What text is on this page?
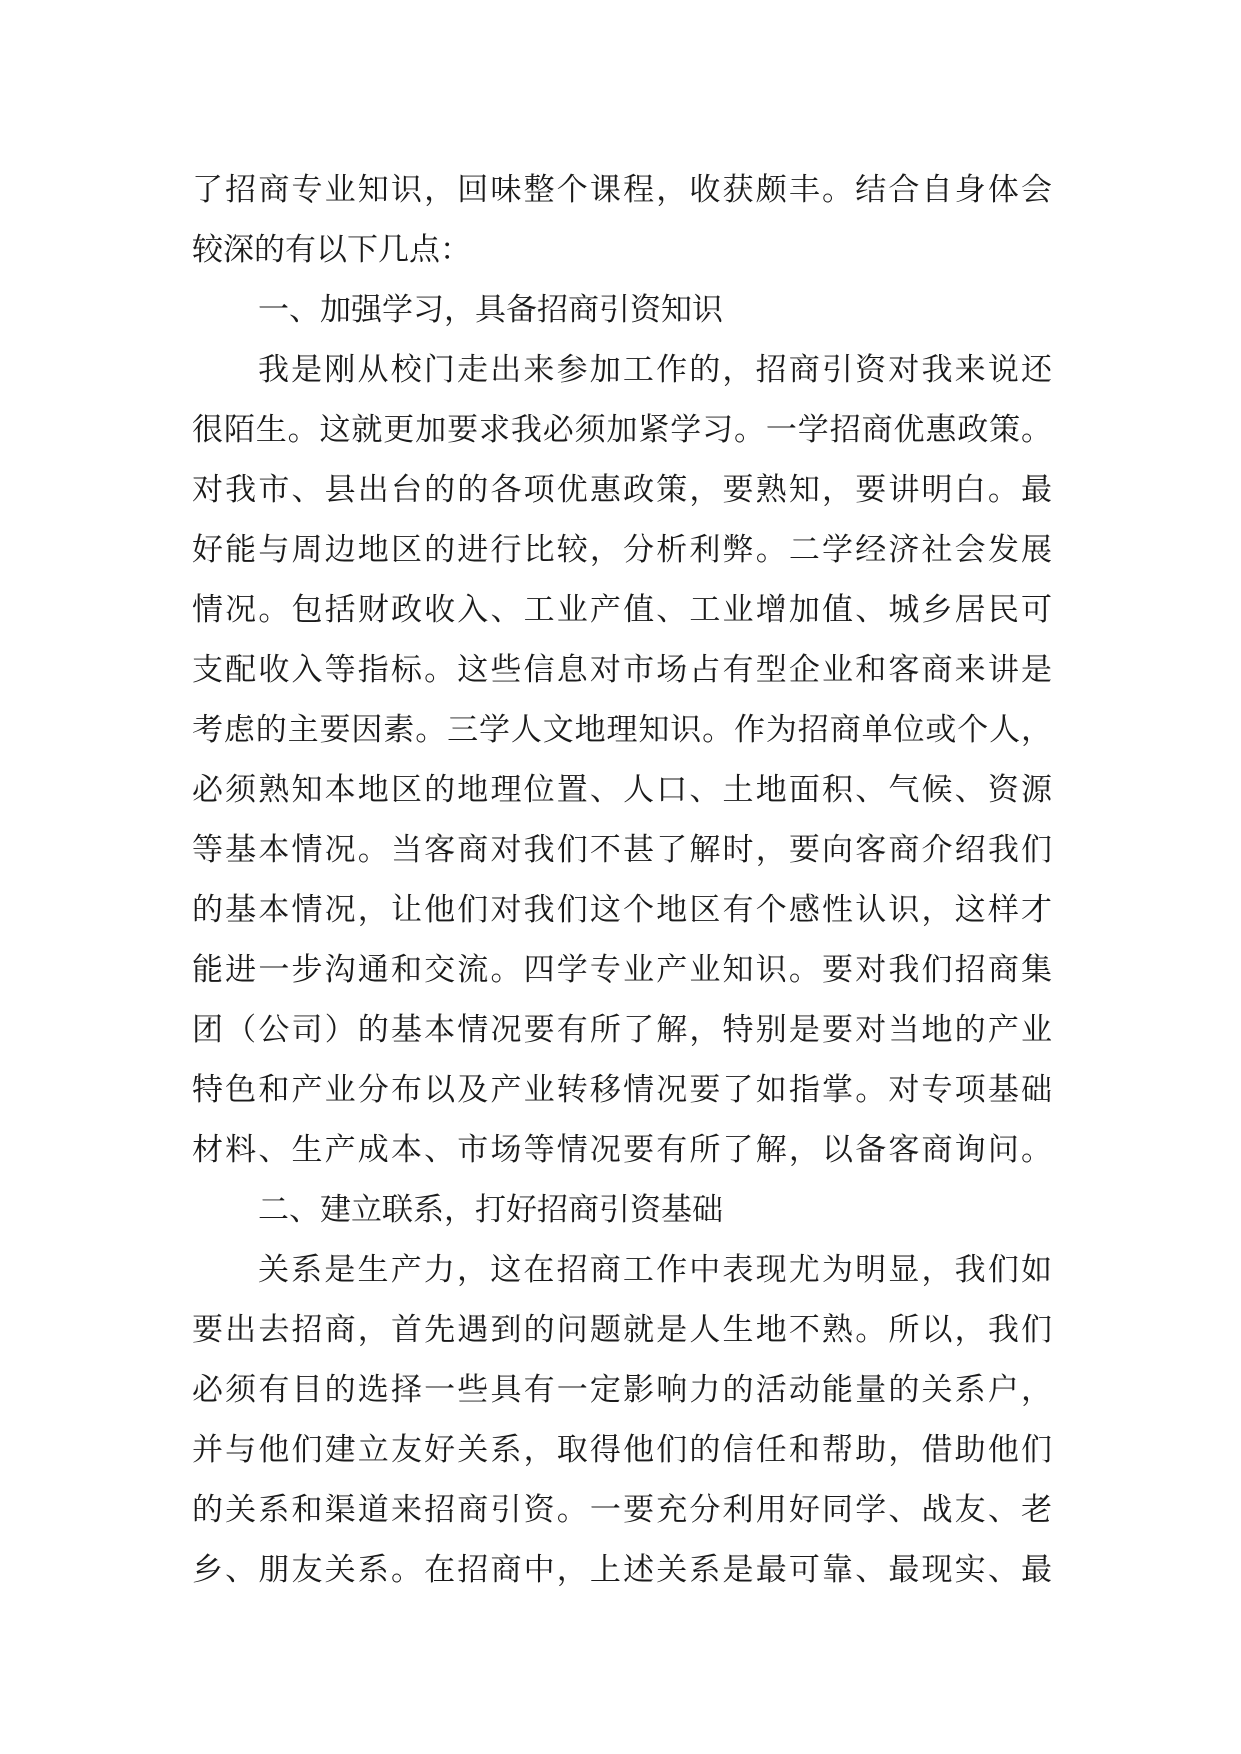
了招商专业知识，回味整个课程，收获颇丰。结合自身体会
较深的有以下几点：
一、加强学习，具备招商引资知识
我是刚从校门走出来参加工作的，招商引资对我来说还
很陌生。这就更加要求我必须加紧学习。一学招商优惠政策。
对我市、县出台的的各项优惠政策，要熟知，要讲明白。最
好能与周边地区的进行比较，分析利弊。二学经济社会发展
情况。包括财政收入、工业产值、工业增加值、城乡居民可
支配收入等指标。这些信息对市场占有型企业和客商来讲是
考虑的主要因素。三学人文地理知识。作为招商单位或个人，
必须熟知本地区的地理位置、人口、土地面积、气候、资源
等基本情况。当客商对我们不甚了解时，要向客商介绍我们
的基本情况，让他们对我们这个地区有个感性认识，这样才
能进一步沟通和交流。四学专业产业知识。要对我们招商集
团（公司）的基本情况要有所了解，特别是要对当地的产业
特色和产业分布以及产业转移情况要了如指掌。对专项基础
材料、生产成本、市场等情况要有所了解，以备客商询问。
二、建立联系，打好招商引资基础
关系是生产力，这在招商工作中表现尤为明显，我们如
要出去招商，首先遇到的问题就是人生地不熟。所以，我们
必须有目的选择一些具有一定影响力的活动能量的关系户，
并与他们建立友好关系，取得他们的信任和帮助，借助他们
的关系和渠道来招商引资。一要充分利用好同学、战友、老
乡、朋友关系。在招商中，上述关系是最可靠、最现实、最
